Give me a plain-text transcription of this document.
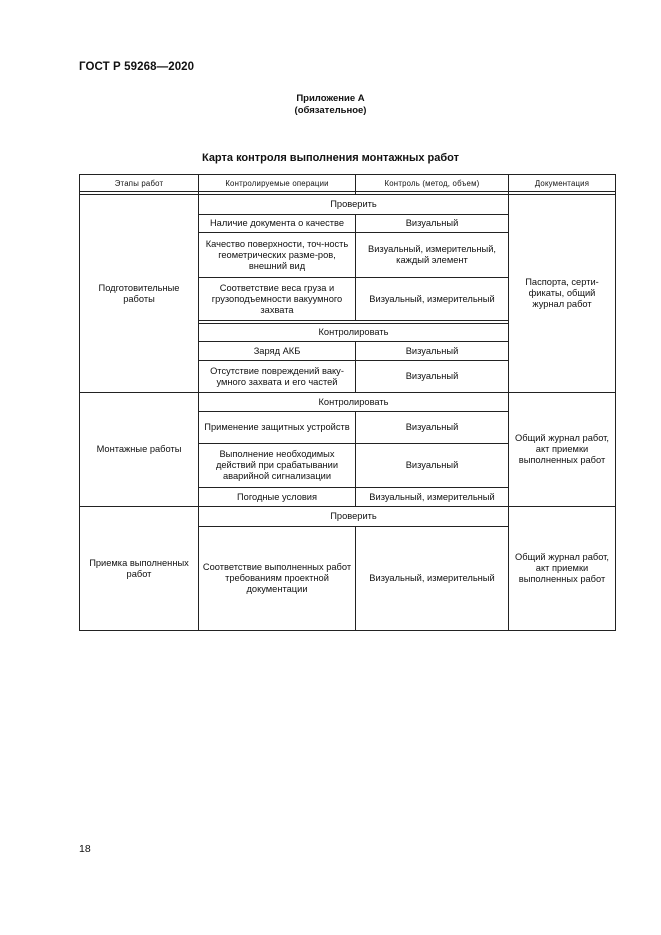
ГОСТ Р 59268—2020
Приложение А
(обязательное)
Карта контроля выполнения монтажных работ
Этапы работ	Контролируемые операции	Контроль (метод, объем)	Документация

Подготовительные работы	Проверить		Паспорта, серти-фикаты, общий журнал работ
	Наличие документа о качестве	Визуальный	
	Качество поверхности, точ-ность геометрических разме-ров, внешний вид	Визуальный, измерительный, каждый элемент	
	Соответствие веса груза и грузоподъемности вакуумного захвата	Визуальный, измерительный	

	Контролировать		
	Заряд АКБ	Визуальный	
	Отсутствие повреждений ваку-умного захвата и его частей	Визуальный	
Монтажные работы	Контролировать		Общий журнал работ, акт приемки выполненных работ
	Применение защитных устройств	Визуальный	
	Выполнение необходимых действий при срабатывании аварийной сигнализации	Визуальный	
	Погодные условия	Визуальный, измерительный	
Приемка выполненных работ	Проверить		Общий журнал работ, акт приемки выполненных работ
	Соответствие выполненных работ требованиям проектной документации	Визуальный, измерительный	
18
